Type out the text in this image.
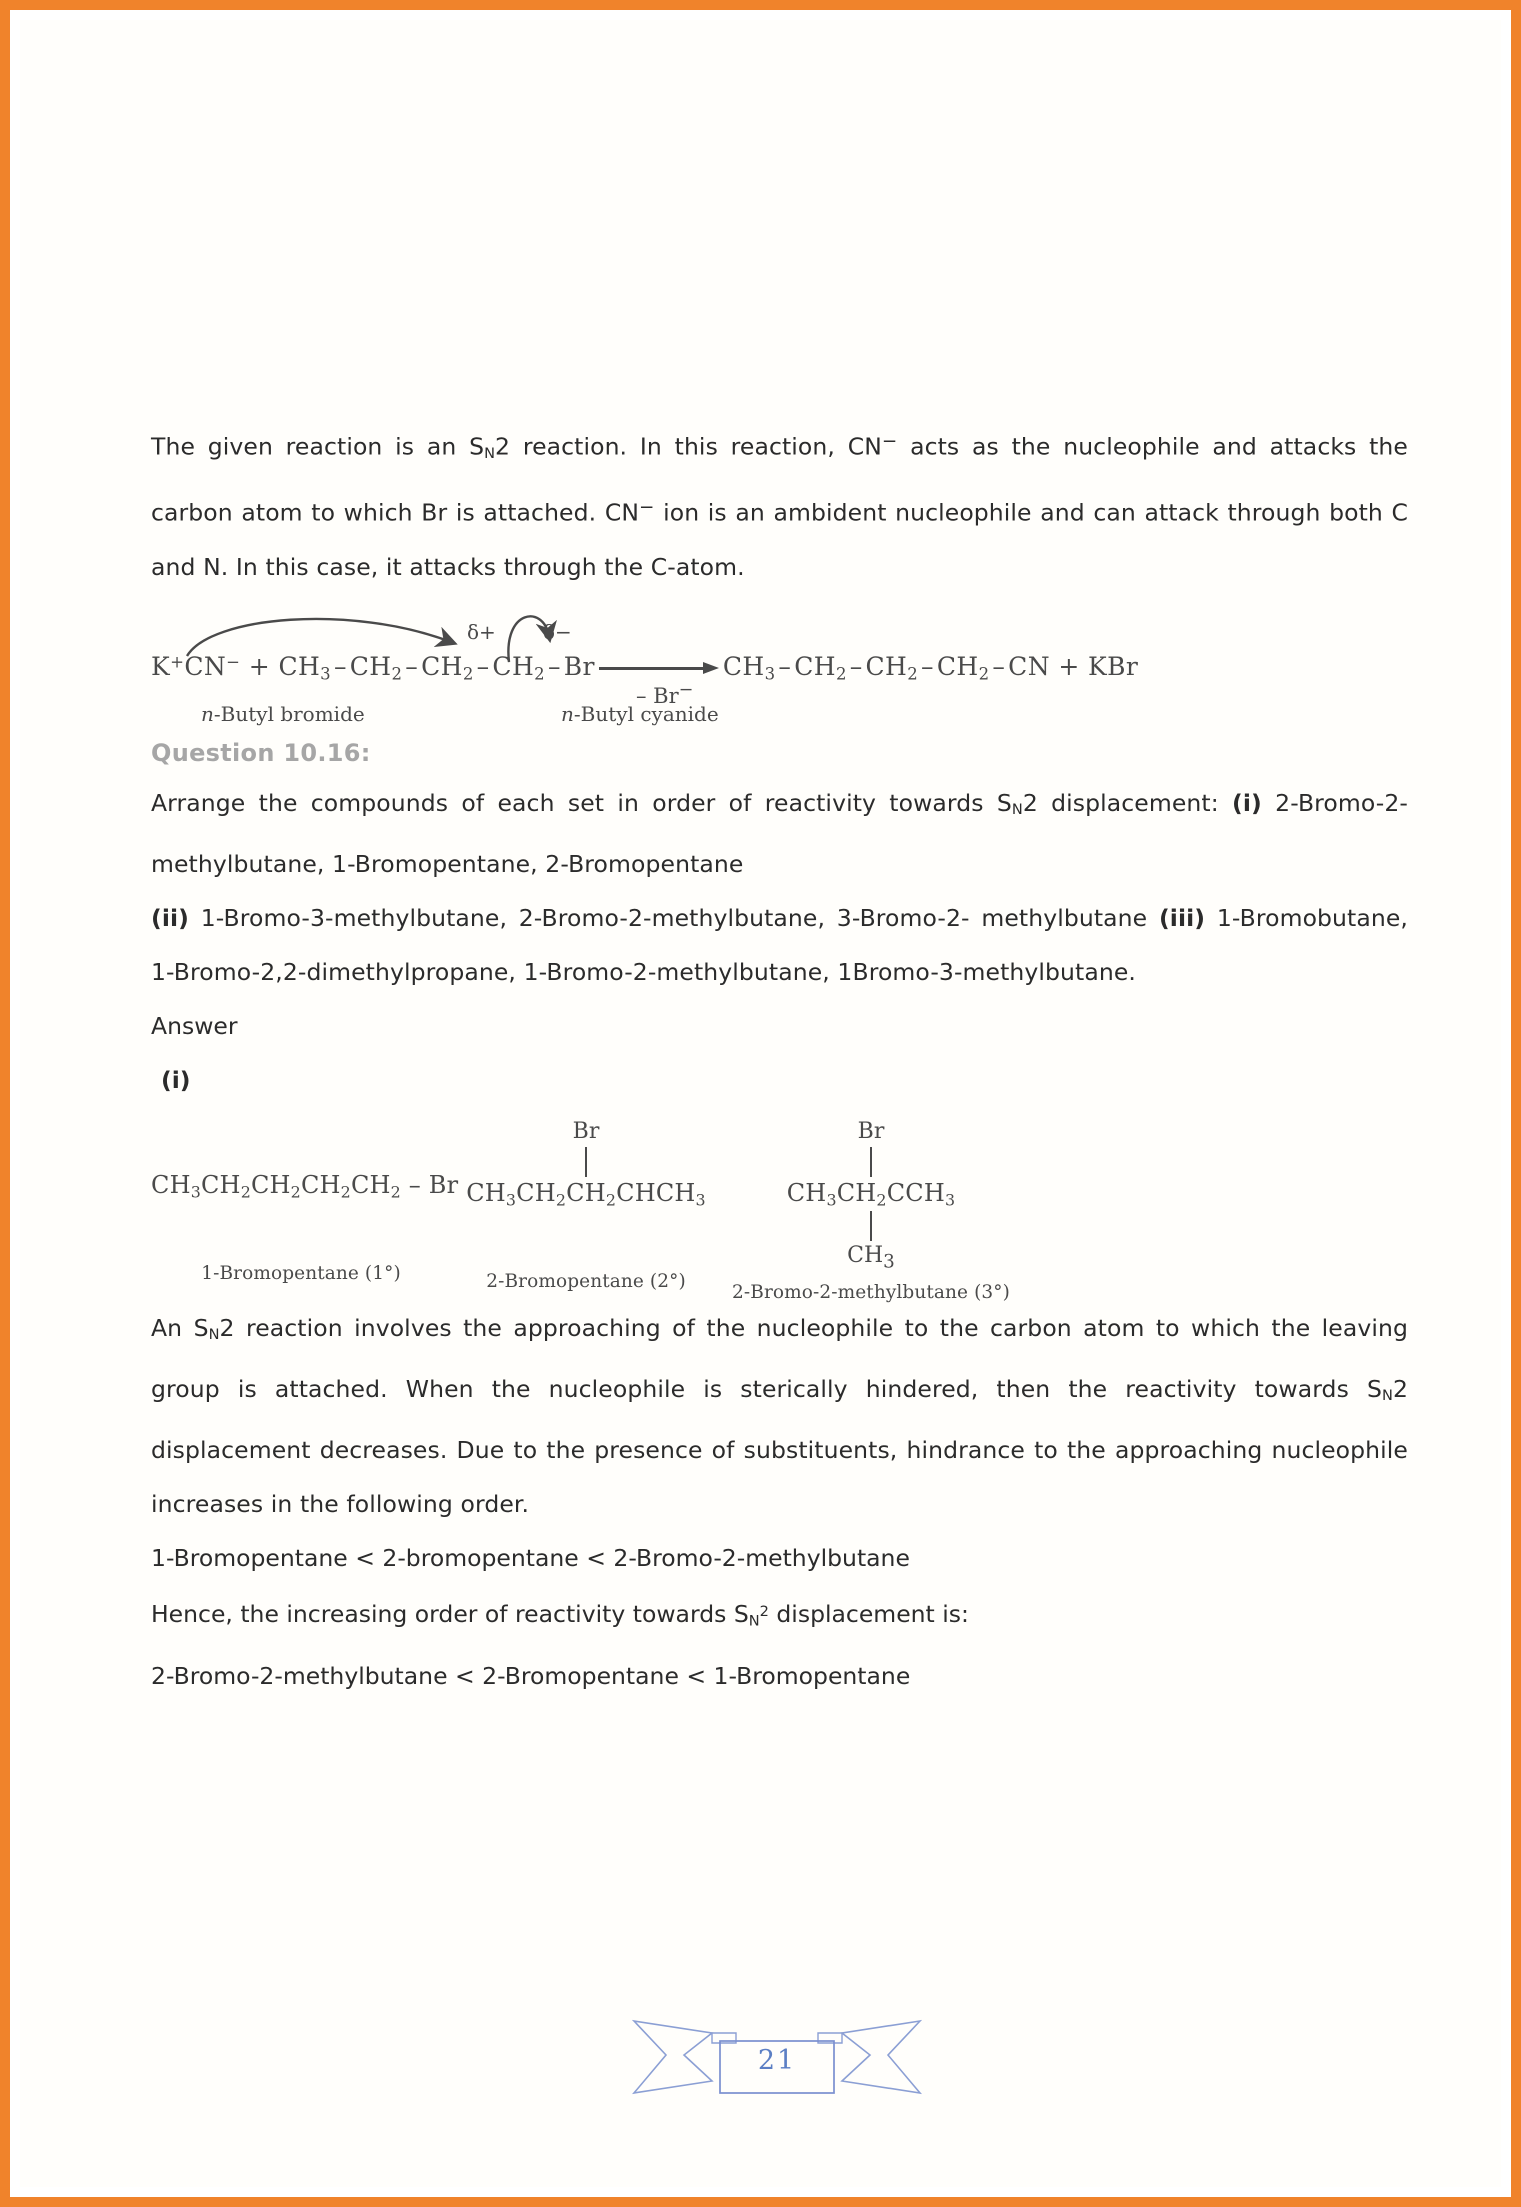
The given reaction is an $S_N2$ reaction. In this reaction, CN− acts as the nucleophile and attacks the carbon atom to which Br is attached. CN− ion is an ambident nucleophile and can attack through both C and N. In this case, it attacks through the C-atom.

$K^+CN^- + CH_3$ – $CH_2$ – $CH_2$ – $CH_2$ – Br	$CH_3$ – $CH_2$ – $CH_2$ – $CH_2$ – CN + KBr
δ+ δ−
– Br−
n-Butyl bromide	n-Butyl cyanide

Question 10.16:

Arrange the compounds of each set in order of reactivity towards $S_N2$ displacement: (i) 2-Bromo-2-methylbutane, 1-Bromopentane, 2-Bromopentane

(ii) 1-Bromo-3-methylbutane, 2-Bromo-2-methylbutane, 3-Bromo-2- methylbutane (iii) 1-Bromobutane, 1-Bromo-2,2-dimethylpropane, 1-Bromo-2-methylbutane, 1Bromo-3-methylbutane.

Answer

(i)

$CH_3CH_2CH_2CH_2CH_2$ – Br
1-Bromopentane (1°)
Br
$CH_3CH_2CH_2CHCH_3$
2-Bromopentane (2°)
Br
$CH_3CH_2CCH_3$
$CH_3$
2-Bromo-2-methylbutane (3°)

An $S_N2$ reaction involves the approaching of the nucleophile to the carbon atom to which the leaving group is attached. When the nucleophile is sterically hindered, then the reactivity towards $S_N2$ displacement decreases. Due to the presence of substituents, hindrance to the approaching nucleophile increases in the following order.

1-Bromopentane < 2-bromopentane < 2-Bromo-2-methylbutane

Hence, the increasing order of reactivity towards $S_N^2$ displacement is:

2-Bromo-2-methylbutane < 2-Bromopentane < 1-Bromopentane

21
